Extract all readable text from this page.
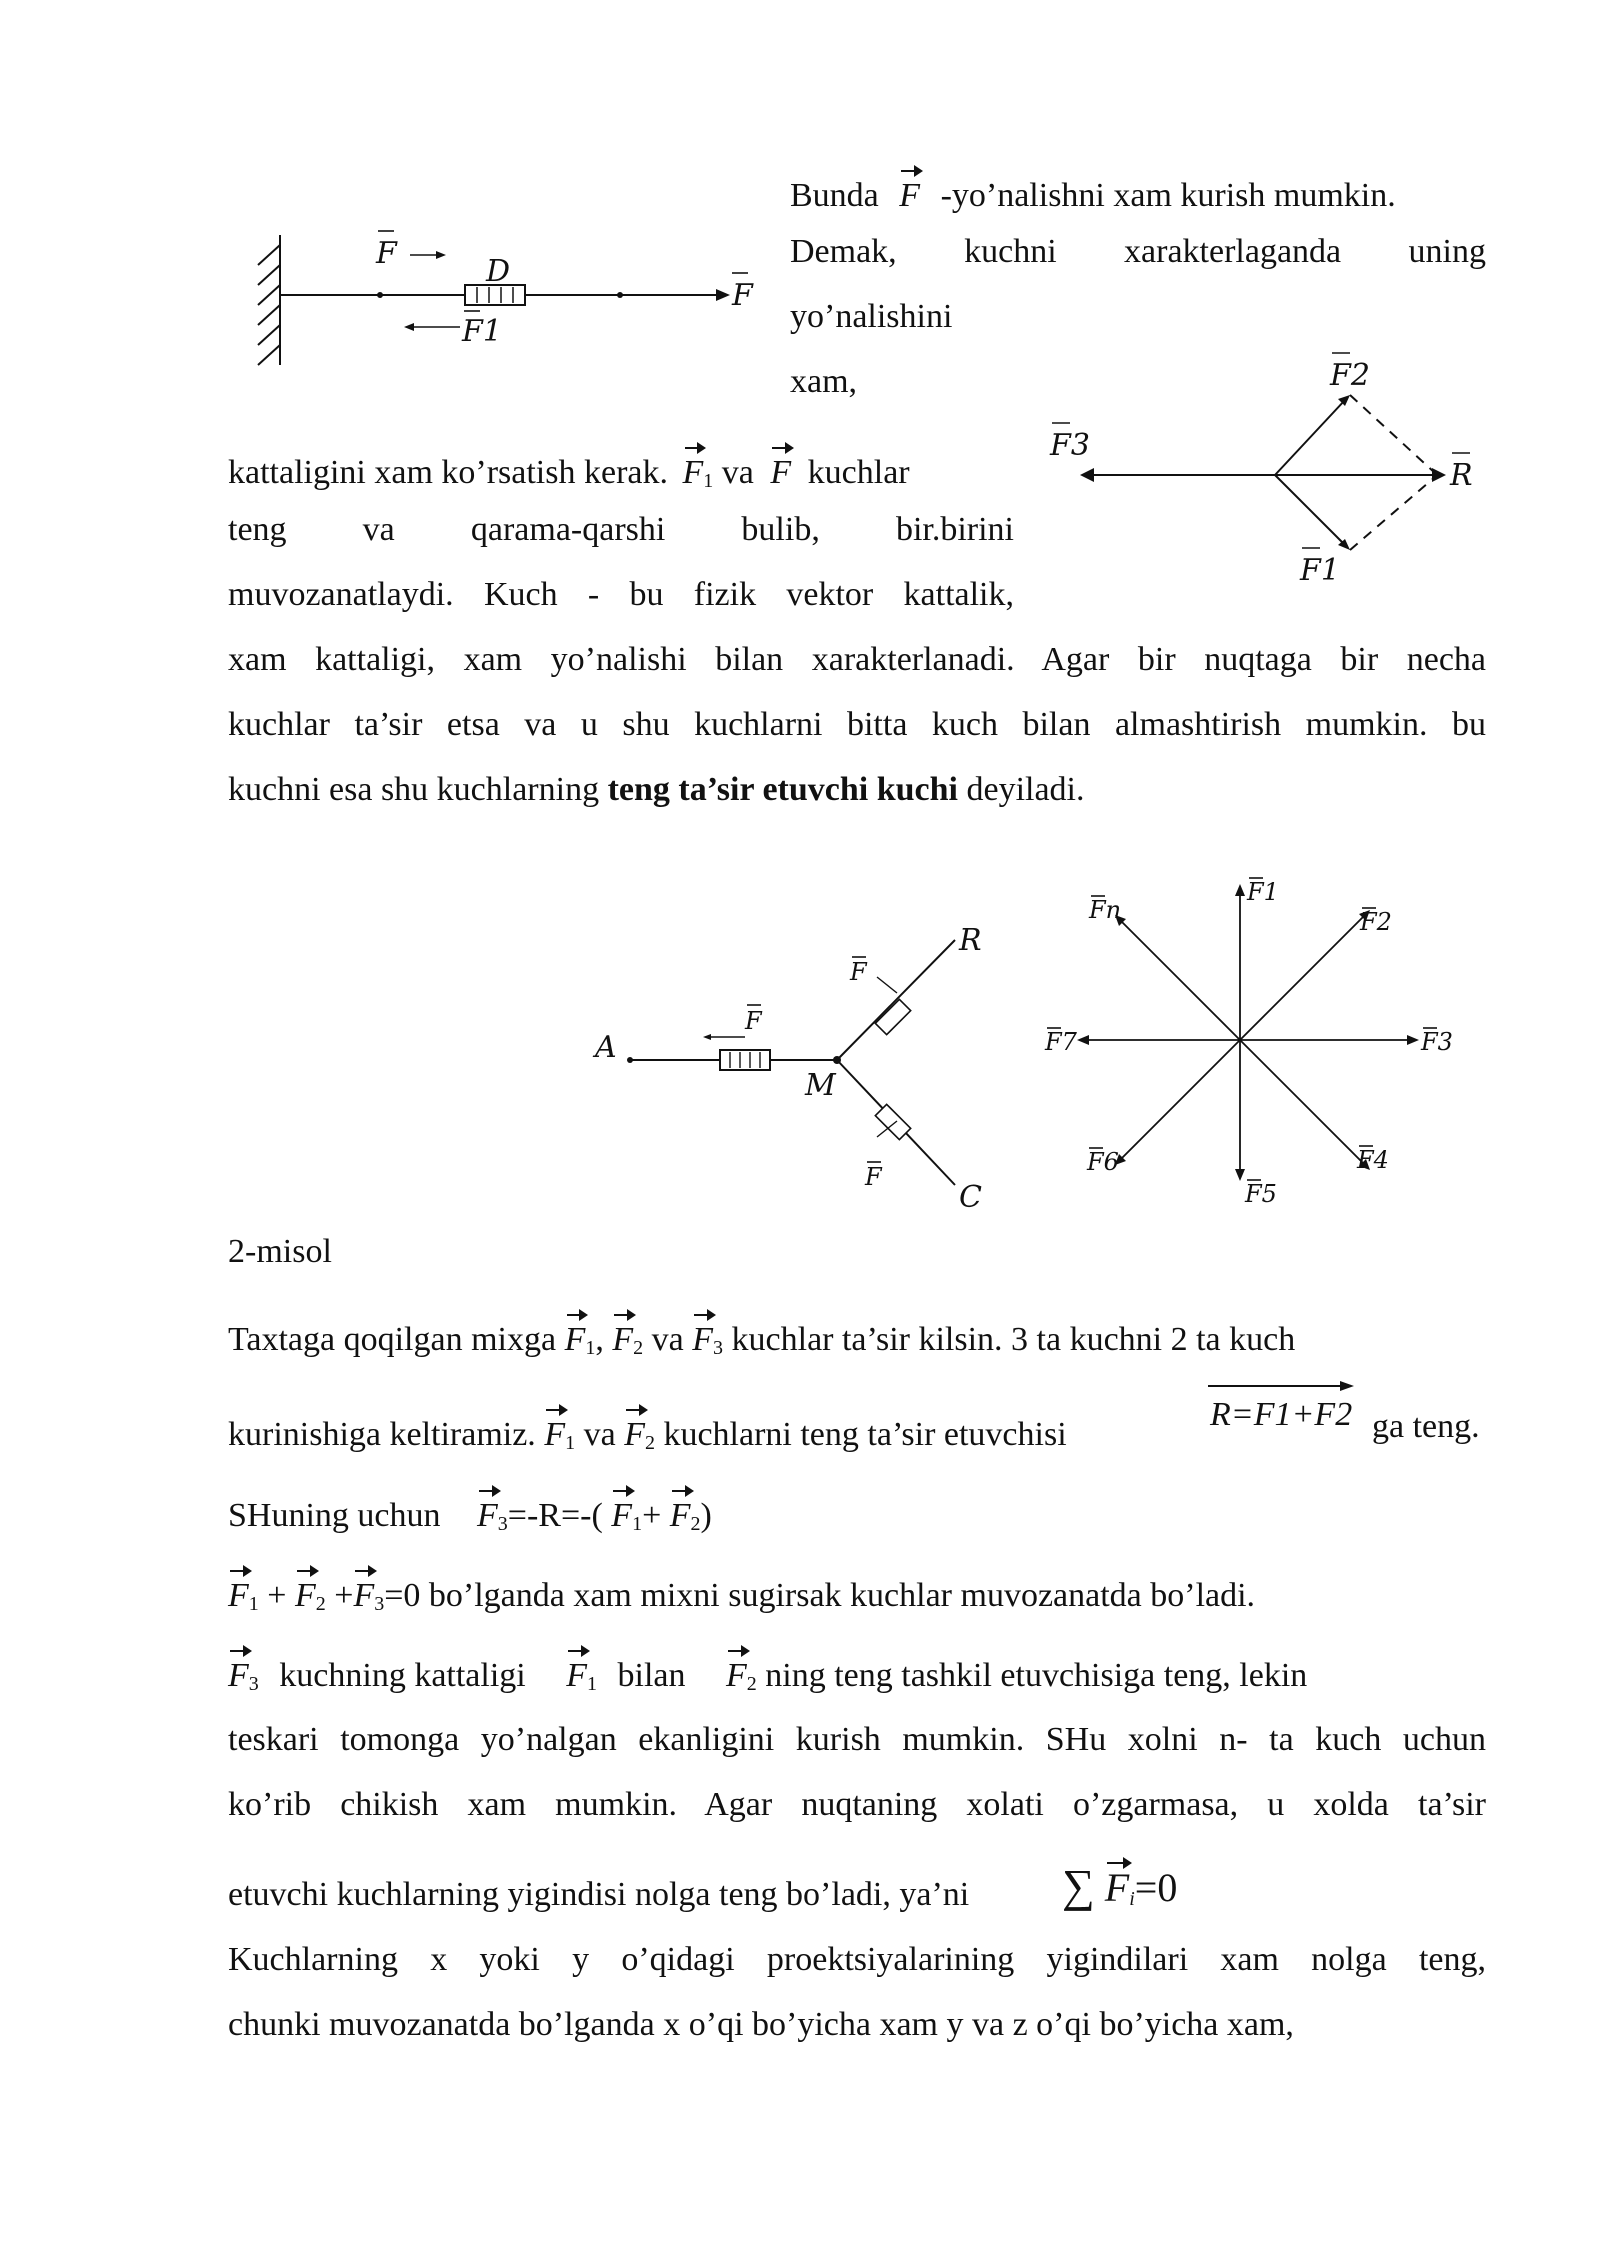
F
D
F
F1
Bunda F -yo’nalishni xam kurish mumkin.
Demak, kuchni xarakterlaganda uning
yo’nalishini
xam,	F2
F3
R
F1
kattaligini xam ko’rsatish kerak. $F_1$ va F kuchlar
teng va qarama-qarshi bulib, bir.birini
muvozanatlaydi. Kuch - bu fizik vektor kattalik,
xam kattaligi, xam yo’nalishi bilan xarakterlanadi. Agar bir nuqtaga bir necha
kuchlar ta’sir etsa va u shu kuchlarni bitta kuch bilan almashtirish mumkin. bu
kuchni esa shu kuchlarning teng ta’sir etuvchi kuchi deyiladi.
A
F
M
F
R
F
C
F1
Fn	F2
F7	F3
F6	F4
F5
2-misol
Taxtaga qoqilgan mixga $F_1$, $F_2$ va $F_3$ kuchlar ta’sir kilsin. 3 ta kuchni 2 ta kuch
kurinishiga keltiramiz. $F_1$ va $F_2$ kuchlarni teng ta’sir etuvchisi
R=F1+F2 ga teng.
SHuning uchun $F_3=-R=-$( $F_1+ F_2$)
$F_1 + F_2 +F_3=0$ bo’lganda xam mixni sugirsak kuchlar muvozanatda bo’ladi.
$F_3$ kuchning kattaligi $F_1$ bilan $F_2$ ning teng tashkil etuvchisiga teng, lekin
teskari tomonga yo’nalgan ekanligini kurish mumkin. SHu xolni n- ta kuch uchun
ko’rib chikish xam mumkin. Agar nuqtaning xolati o’zgarmasa, u xolda ta’sir
etuvchi kuchlarning yigindisi nolga teng bo’ladi, ya’ni ∑ $F_i=0$
Kuchlarning x yoki y o’qidagi proektsiyalarining yigindilari xam nolga teng,
chunki muvozanatda bo’lganda x o’qi bo’yicha xam y va z o’qi bo’yicha xam,
